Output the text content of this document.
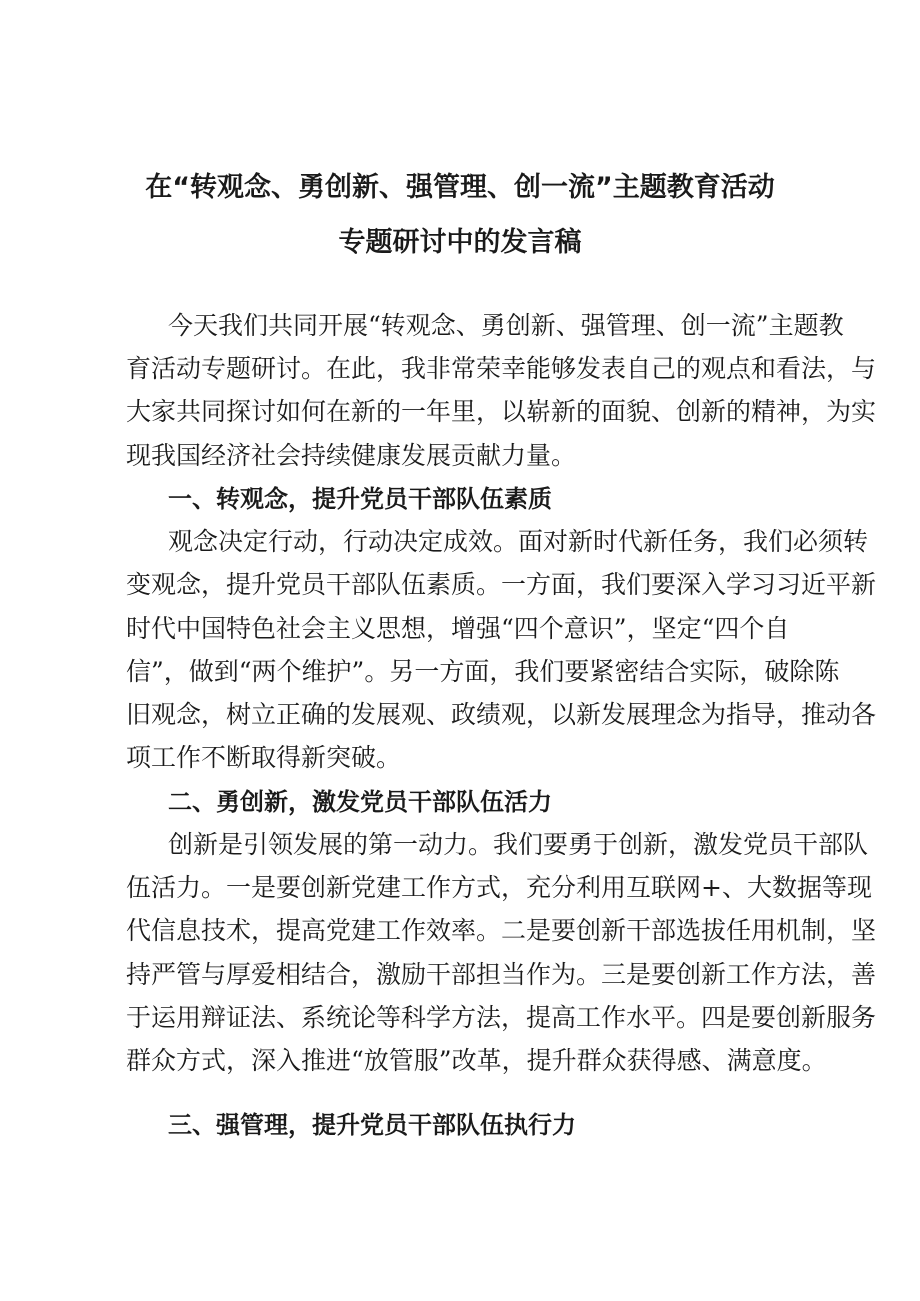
在“转观念、勇创新、强管理、创一流”主题教育活动
专题研讨中的发言稿
今天我们共同开展“转观念、勇创新、强管理、创一流”主题教
育活动专题研讨。在此，我非常荣幸能够发表自己的观点和看法，与
大家共同探讨如何在新的一年里，以崭新的面貌、创新的精神，为实
现我国经济社会持续健康发展贡献力量。
一、转观念，提升党员干部队伍素质
观念决定行动，行动决定成效。面对新时代新任务，我们必须转
变观念，提升党员干部队伍素质。一方面，我们要深入学习习近平新
时代中国特色社会主义思想，增强“四个意识”，坚定“四个自
信”，做到“两个维护”。另一方面，我们要紧密结合实际，破除陈
旧观念，树立正确的发展观、政绩观，以新发展理念为指导，推动各
项工作不断取得新突破。
二、勇创新，激发党员干部队伍活力
创新是引领发展的第一动力。我们要勇于创新，激发党员干部队
伍活力。一是要创新党建工作方式，充分利用互联网+、大数据等现
代信息技术，提高党建工作效率。二是要创新干部选拔任用机制，坚
持严管与厚爱相结合，激励干部担当作为。三是要创新工作方法，善
于运用辩证法、系统论等科学方法，提高工作水平。四是要创新服务
群众方式，深入推进“放管服”改革，提升群众获得感、满意度。
三、强管理，提升党员干部队伍执行力
